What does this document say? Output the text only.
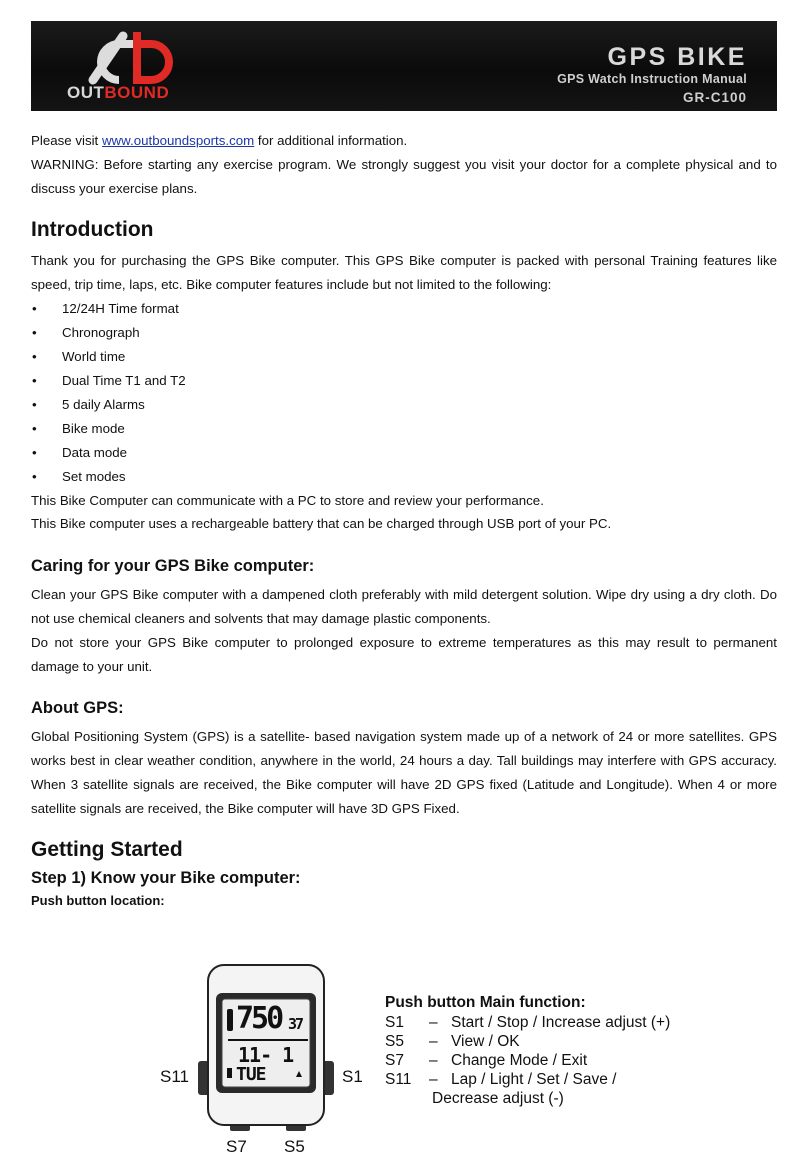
OUTBOUND
GPS BIKE
GPS Watch Instruction Manual
GR-C100

Please visit www.outboundsports.com for additional information.

WARNING: Before starting any exercise program. We strongly suggest you visit your doctor for a complete physical and to discuss your exercise plans.

Introduction

Thank you for purchasing the GPS Bike computer. This GPS Bike computer is packed with personal Training features like speed, trip time, laps, etc. Bike computer features include but not limited to the following:

• 12/24H Time format
• Chronograph
• World time
• Dual Time T1 and T2
• 5 daily Alarms
• Bike mode
• Data mode
• Set modes

This Bike Computer can communicate with a PC to store and review your performance.

This Bike computer uses a rechargeable battery that can be charged through USB port of your PC.

Caring for your GPS Bike computer:

Clean your GPS Bike computer with a dampened cloth preferably with mild detergent solution. Wipe dry using a dry cloth. Do not use chemical cleaners and solvents that may damage plastic components.

Do not store your GPS Bike computer to prolonged exposure to extreme temperatures as this may result to permanent damage to your unit.

About GPS:

Global Positioning System (GPS) is a satellite- based navigation system made up of a network of 24 or more satellites. GPS works best in clear weather condition, anywhere in the world, 24 hours a day. Tall buildings may interfere with GPS accuracy. When 3 satellite signals are received, the Bike computer will have 2D GPS fixed (Latitude and Longitude). When 4 or more satellite signals are received, the Bike computer will have 3D GPS Fixed.

Getting Started
Step 1) Know your Bike computer:
Push button location:
750 37
11- 1
TUE
S11	S1
S7 S5
Push button Main function:
S1 – Start / Stop / Increase adjust (+)
S5 – View / OK
S7 – Change Mode / Exit
S11 – Lap / Light / Set / Save /
Decrease adjust (-)
